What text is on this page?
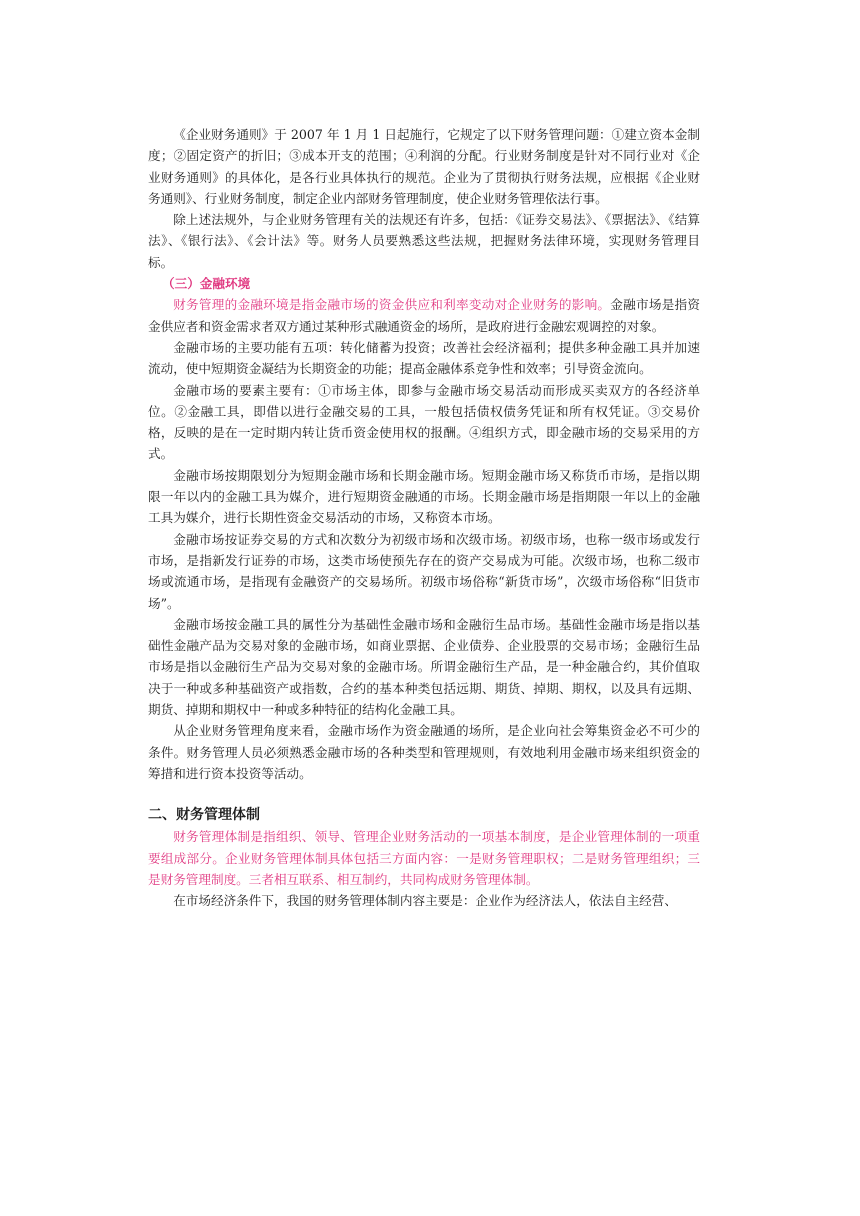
《企业财务通则》于 2007 年 1 月 1 日起施行，它规定了以下财务管理问题：①建立资本金制度；②固定资产的折旧；③成本开支的范围；④利润的分配。行业财务制度是针对不同行业对《企业财务通则》的具体化，是各行业具体执行的规范。企业为了贯彻执行财务法规，应根据《企业财务通则》、行业财务制度，制定企业内部财务管理制度，使企业财务管理依法行事。

除上述法规外，与企业财务管理有关的法规还有许多，包括：《证券交易法》、《票据法》、《结算法》、《银行法》、《会计法》等。财务人员要熟悉这些法规，把握财务法律环境，实现财务管理目标。

（三）金融环境

财务管理的金融环境是指金融市场的资金供应和利率变动对企业财务的影响。金融市场是指资金供应者和资金需求者双方通过某种形式融通资金的场所，是政府进行金融宏观调控的对象。

金融市场的主要功能有五项：转化储蓄为投资；改善社会经济福利；提供多种金融工具并加速流动，使中短期资金凝结为长期资金的功能；提高金融体系竞争性和效率；引导资金流向。

金融市场的要素主要有：①市场主体，即参与金融市场交易活动而形成买卖双方的各经济单位。②金融工具，即借以进行金融交易的工具，一般包括债权债务凭证和所有权凭证。③交易价格，反映的是在一定时期内转让货币资金使用权的报酬。④组织方式，即金融市场的交易采用的方式。

金融市场按期限划分为短期金融市场和长期金融市场。短期金融市场又称货币市场，是指以期限一年以内的金融工具为媒介，进行短期资金融通的市场。长期金融市场是指期限一年以上的金融工具为媒介，进行长期性资金交易活动的市场，又称资本市场。

金融市场按证券交易的方式和次数分为初级市场和次级市场。初级市场，也称一级市场或发行市场，是指新发行证券的市场，这类市场使预先存在的资产交易成为可能。次级市场，也称二级市场或流通市场，是指现有金融资产的交易场所。初级市场俗称“新货市场”，次级市场俗称“旧货市场”。

金融市场按金融工具的属性分为基础性金融市场和金融衍生品市场。基础性金融市场是指以基础性金融产品为交易对象的金融市场，如商业票据、企业债券、企业股票的交易市场；金融衍生品市场是指以金融衍生产品为交易对象的金融市场。所谓金融衍生产品，是一种金融合约，其价值取决于一种或多种基础资产或指数，合约的基本种类包括远期、期货、掉期、期权，以及具有远期、期货、掉期和期权中一种或多种特征的结构化金融工具。

从企业财务管理角度来看，金融市场作为资金融通的场所，是企业向社会筹集资金必不可少的条件。财务管理人员必须熟悉金融市场的各种类型和管理规则，有效地利用金融市场来组织资金的筹措和进行资本投资等活动。

二、财务管理体制

财务管理体制是指组织、领导、管理企业财务活动的一项基本制度，是企业管理体制的一项重要组成部分。企业财务管理体制具体包括三方面内容：一是财务管理职权；二是财务管理组织；三是财务管理制度。三者相互联系、相互制约，共同构成财务管理体制。

在市场经济条件下，我国的财务管理体制内容主要是：企业作为经济法人，依法自主经营、
